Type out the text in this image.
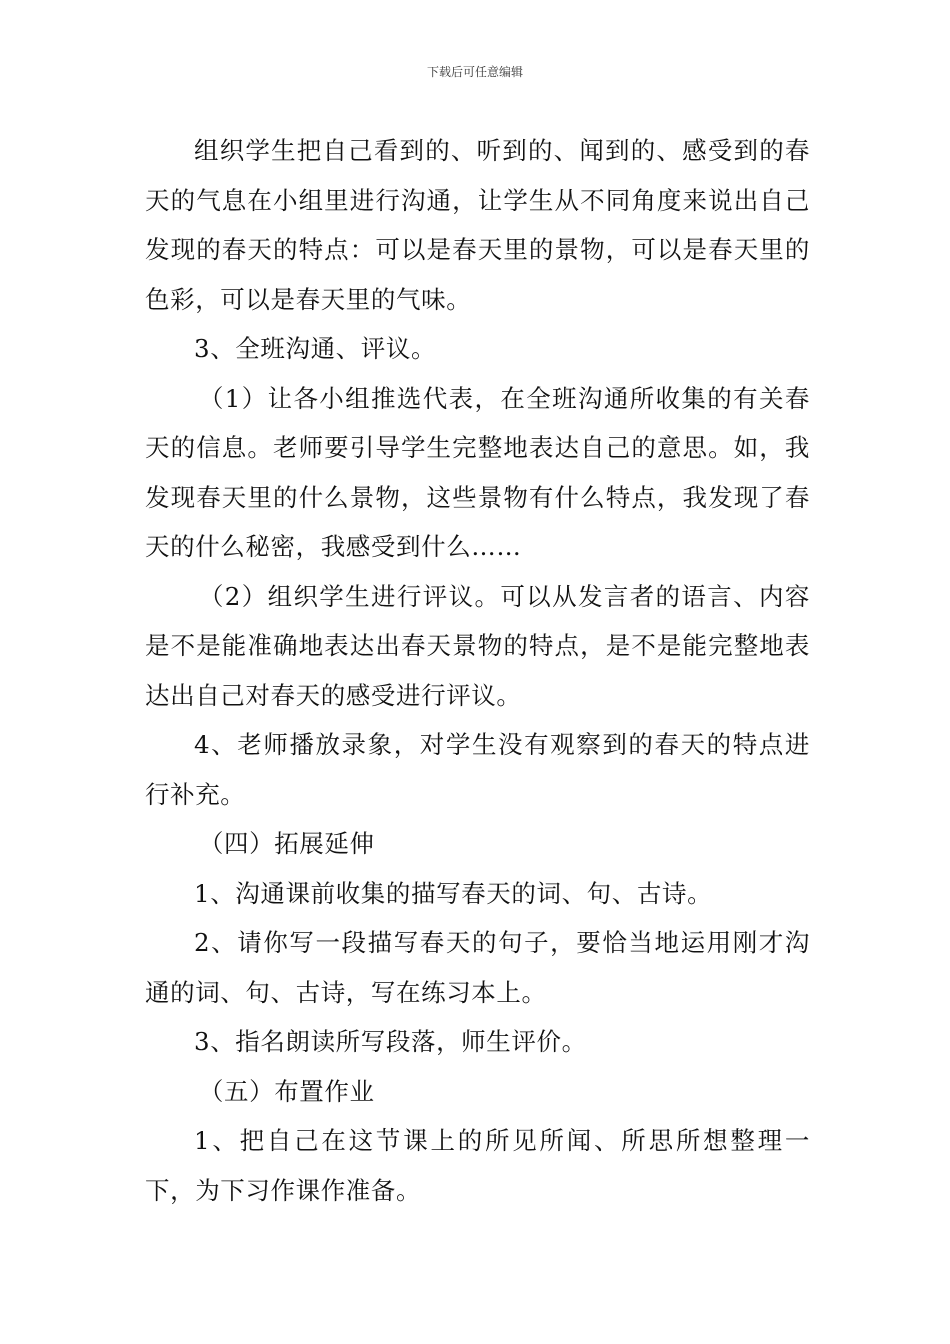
下载后可任意编辑

组织学生把自己看到的、听到的、闻到的、感受到的春天的气息在小组里进行沟通，让学生从不同角度来说出自己发现的春天的特点：可以是春天里的景物，可以是春天里的色彩，可以是春天里的气味。

3、全班沟通、评议。

（1）让各小组推选代表，在全班沟通所收集的有关春天的信息。老师要引导学生完整地表达自己的意思。如，我发现春天里的什么景物，这些景物有什么特点，我发现了春天的什么秘密，我感受到什么……

（2）组织学生进行评议。可以从发言者的语言、内容是不是能准确地表达出春天景物的特点，是不是能完整地表达出自己对春天的感受进行评议。

4、老师播放录象，对学生没有观察到的春天的特点进行补充。

（四）拓展延伸

1、沟通课前收集的描写春天的词、句、古诗。

2、请你写一段描写春天的句子，要恰当地运用刚才沟通的词、句、古诗，写在练习本上。

3、指名朗读所写段落，师生评价。

（五）布置作业

1、把自己在这节课上的所见所闻、所思所想整理一下，为下习作课作准备。
